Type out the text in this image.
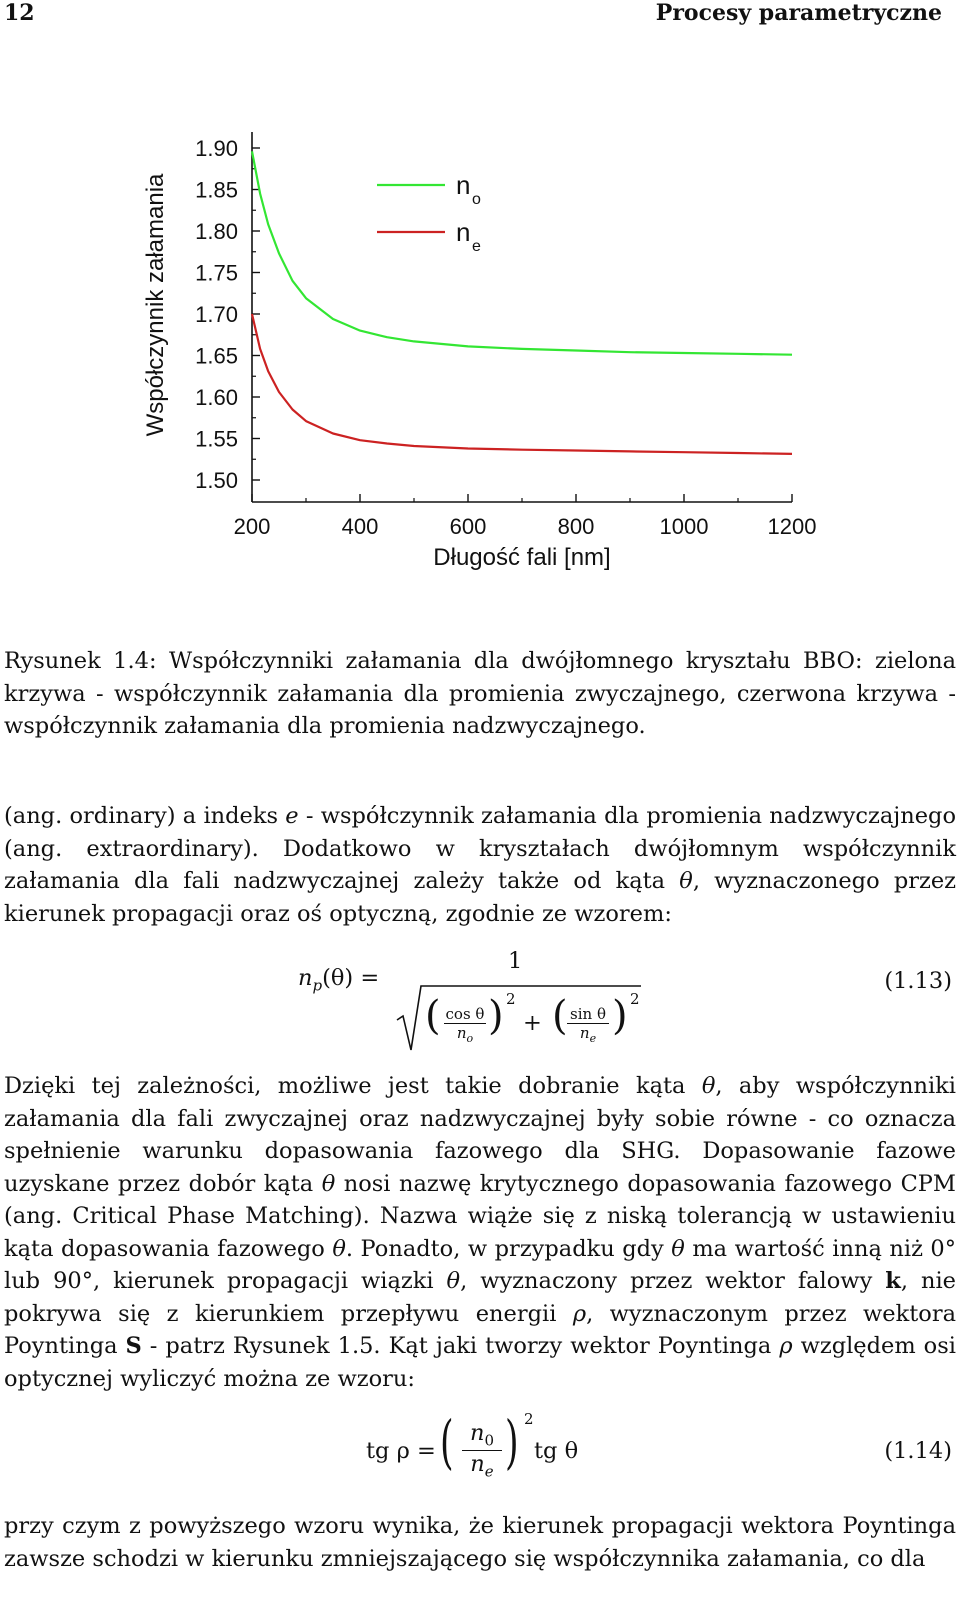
12	Procesy parametryczne
1.50
1.55
1.60
1.65
1.70
1.75
1.80
1.85
1.90
200	400	600	800	1000	1200
n o
n e
Współczynnik załamania
Długość fali [nm]

Rysunek 1.4: Współczynniki załamania dla dwójłomnego kryształu BBO: zielona krzywa - współczynnik załamania dla promienia zwyczajnego, czerwona krzywa - współczynnik załamania dla promienia nadzwyczajnego.

(ang. ordinary) a indeks e - współczynnik załamania dla promienia nadzwyczajnego (ang. extraordinary). Dodatkowo w kryształach dwójłomnym współczynnik załamania dla fali nadzwyczajnej zależy także od kąta θ, wyznaczonego przez kierunek propagacji oraz oś optyczną, zgodnie ze wzorem:

$n_p(\theta)$ =
1
( cos θ
$n_o$ ) 2
+ ( sin θ
$n_e$ ) 2
(1.13)

Dzięki tej zależności, możliwe jest takie dobranie kąta θ, aby współczynniki załamania dla fali zwyczajnej oraz nadzwyczajnej były sobie równe - co oznacza spełnienie warunku dopasowania fazowego dla SHG. Dopasowanie fazowe uzyskane przez dobór kąta θ nosi nazwę krytycznego dopasowania fazowego CPM (ang. Critical Phase Matching). Nazwa wiąże się z niską tolerancją w ustawieniu kąta dopasowania fazowego θ. Ponadto, w przypadku gdy θ ma wartość inną niż 0° lub 90°, kierunek propagacji wiązki θ, wyznaczony przez wektor falowy k, nie pokrywa się z kierunkiem przepływu energii ρ, wyznaczonym przez wektora Poyntinga S - patrz Rysunek 1.5. Kąt jaki tworzy wektor Poyntinga ρ względem osi optycznej wyliczyć można ze wzoru:

tg ρ = ( $n_0$
$n_e$ ) 2
tg θ	(1.14)

przy czym z powyższego wzoru wynika, że kierunek propagacji wektora Poyntinga zawsze schodzi w kierunku zmniejszającego się współczynnika załamania, co dla
